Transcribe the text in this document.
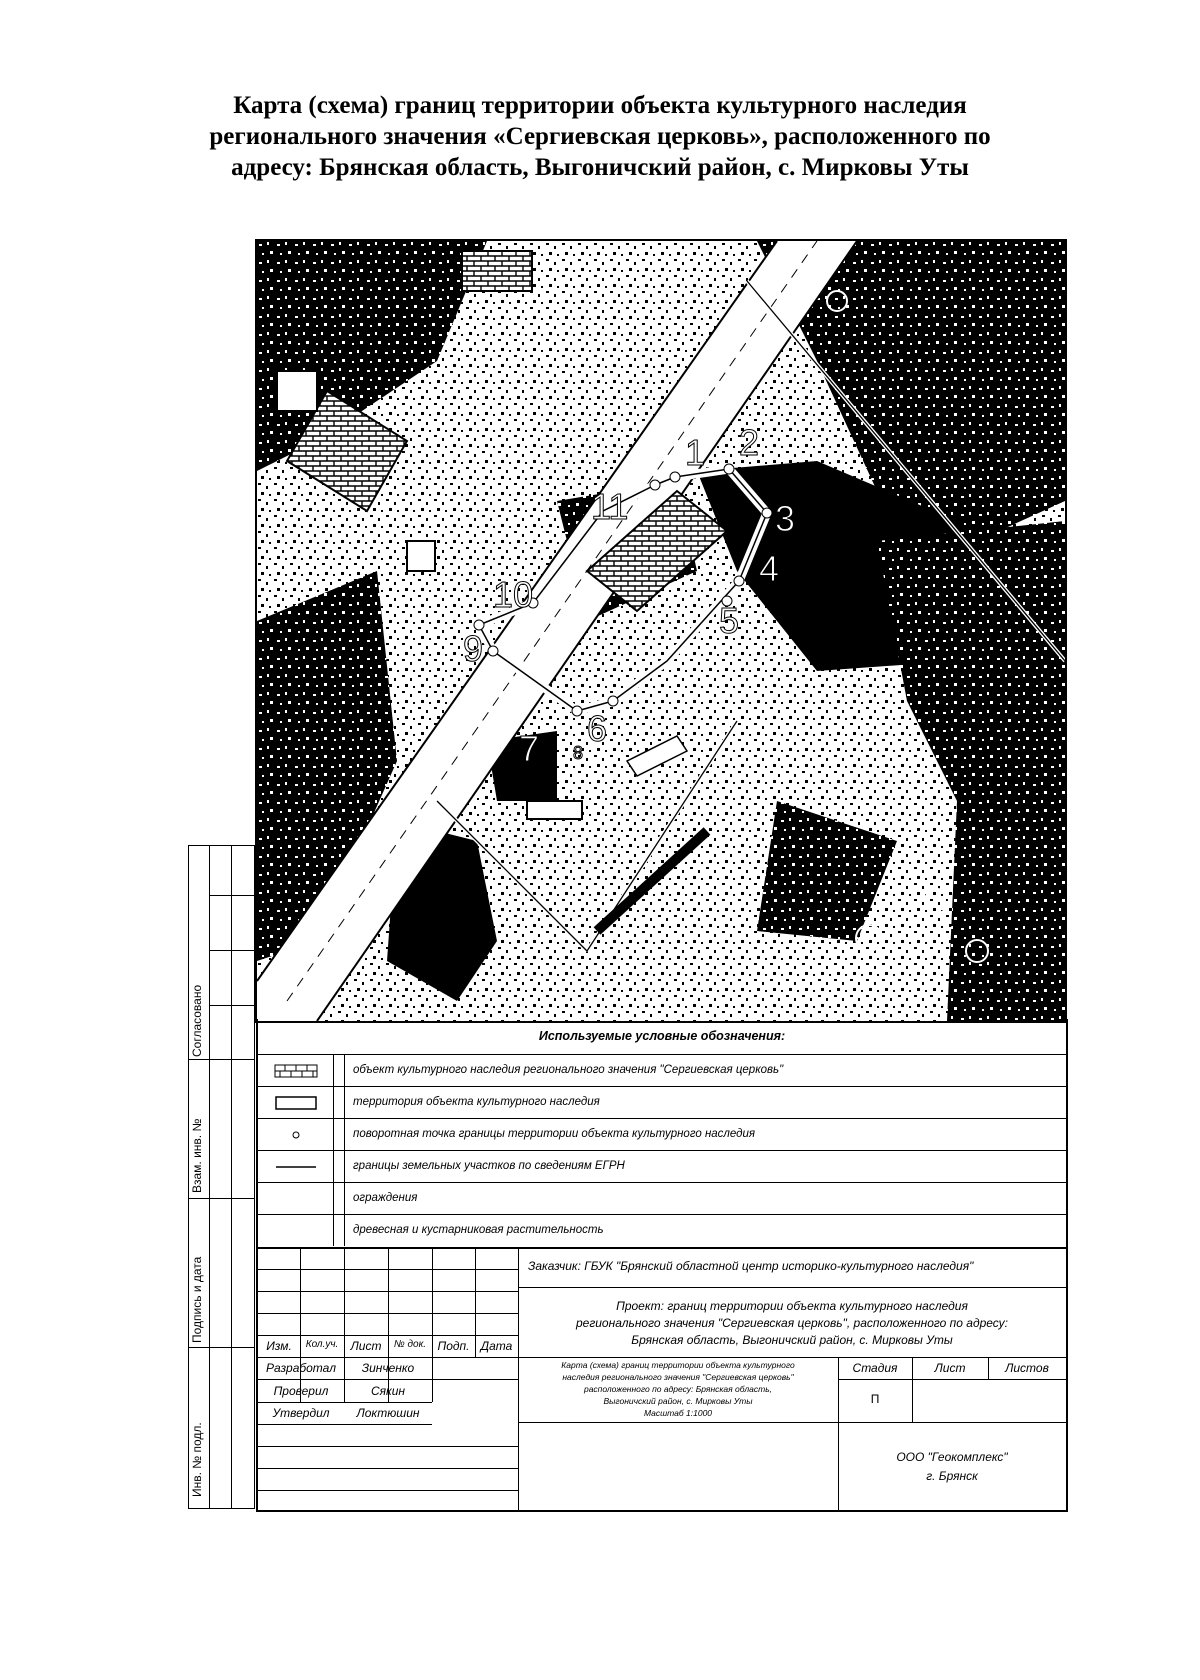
Карта (схема) границ территории объекта культурного наследия
регионального значения «Сергиевская церковь», расположенного по
адресу: Брянская область, Выгоничский район, с. Мирковы Уты
1 2
3
4
5
6
7 8
9
10
11
Согласовано
Взам. инв. №
Подпись и дата
Инв. № подл.
Используемые условные обозначения:
объект культурного наследия регионального значения "Сергиевская церковь"
территория объекта культурного наследия
поворотная точка границы территории объекта культурного наследия
границы земельных участков по сведениям ЕГРН
ограждения
древесная и кустарниковая растительность
Изм.	Кол.уч.	Лист	№ док. Подп. Дата
Разработал	Зинченко
Проверил	Сякин
Утвердил	Локтюшин
Заказчик: ГБУК "Брянский областной центр историко-культурного наследия"
Проект: границ территории объекта культурного наследия
регионального значения "Сергиевская церковь", расположенного по адресу:
Брянская область, Выгоничский район, с. Мирковы Уты
Карта (схема) границ территории объекта культурного
наследия регионального значения "Сергиевская церковь"
расположенного по адресу: Брянская область,
Выгоничский район, с. Мирковы Уты
Масштаб 1:1000
Стадия	Лист	Листов
П
ООО "Геокомплекс"
г. Брянск
